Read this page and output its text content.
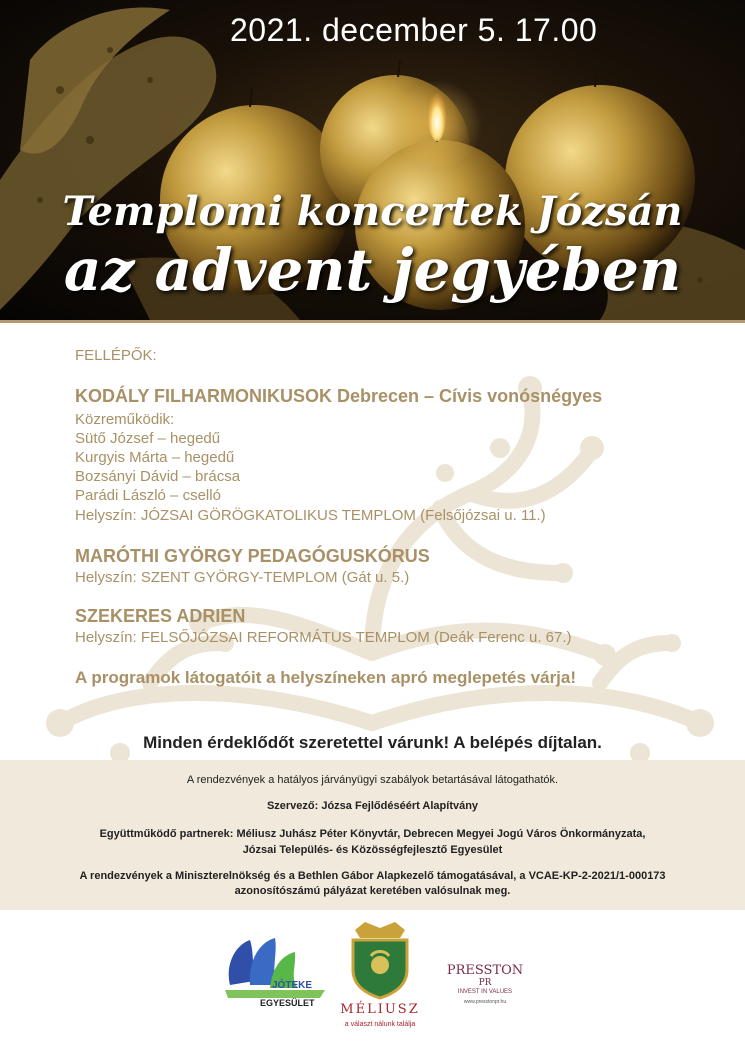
2021. december 5. 17.00
Templomi koncertek Józsán
az advent jegyében
FELLÉPŐK:
KODÁLY FILHARMONIKUSOK Debrecen – Cívis vonósnégyes
Közreműködik:
Sütő József – hegedű
Kurgyis Márta – hegedű
Bozsányi Dávid – brácsa
Parádi László – cselló
Helyszín: JÓZSAI GÖRÖGKATOLIKUS TEMPLOM (Felsőjózsai u. 11.)
MARÓTHI GYÖRGY PEDAGÓGUSKÓRUS
Helyszín: SZENT GYÖRGY-TEMPLOM (Gát u. 5.)
SZEKERES ADRIEN
Helyszín: FELSŐJÓZSAI REFORMÁTUS TEMPLOM (Deák Ferenc u. 67.)
A programok látogatóit a helyszíneken apró meglepetés várja!
Minden érdeklődőt szeretettel várunk! A belépés díjtalan.
A rendezvények a hatályos járványügyi szabályok betartásával látogathatók.
Szervező: Józsa Fejlődéséért Alapítvány
Együttműködő partnerek: Méliusz Juhász Péter Könyvtár, Debrecen Megyei Jogú Város Önkormányzata,
Józsai Település- és Közösségfejlesztő Egyesület
A rendezvények a Miniszterelnökség és a Bethlen Gábor Alapkezelő támogatásával, a VCAE-KP-2-2021/1-000173
azonosítószámú pályázat keretében valósulnak meg.
JÓTEKE
EGYESÜLET	MÉLIUSZ
a választ nálunk találja
PRESSTON
PR
INVEST IN VALUES
www.presstonpr.hu
